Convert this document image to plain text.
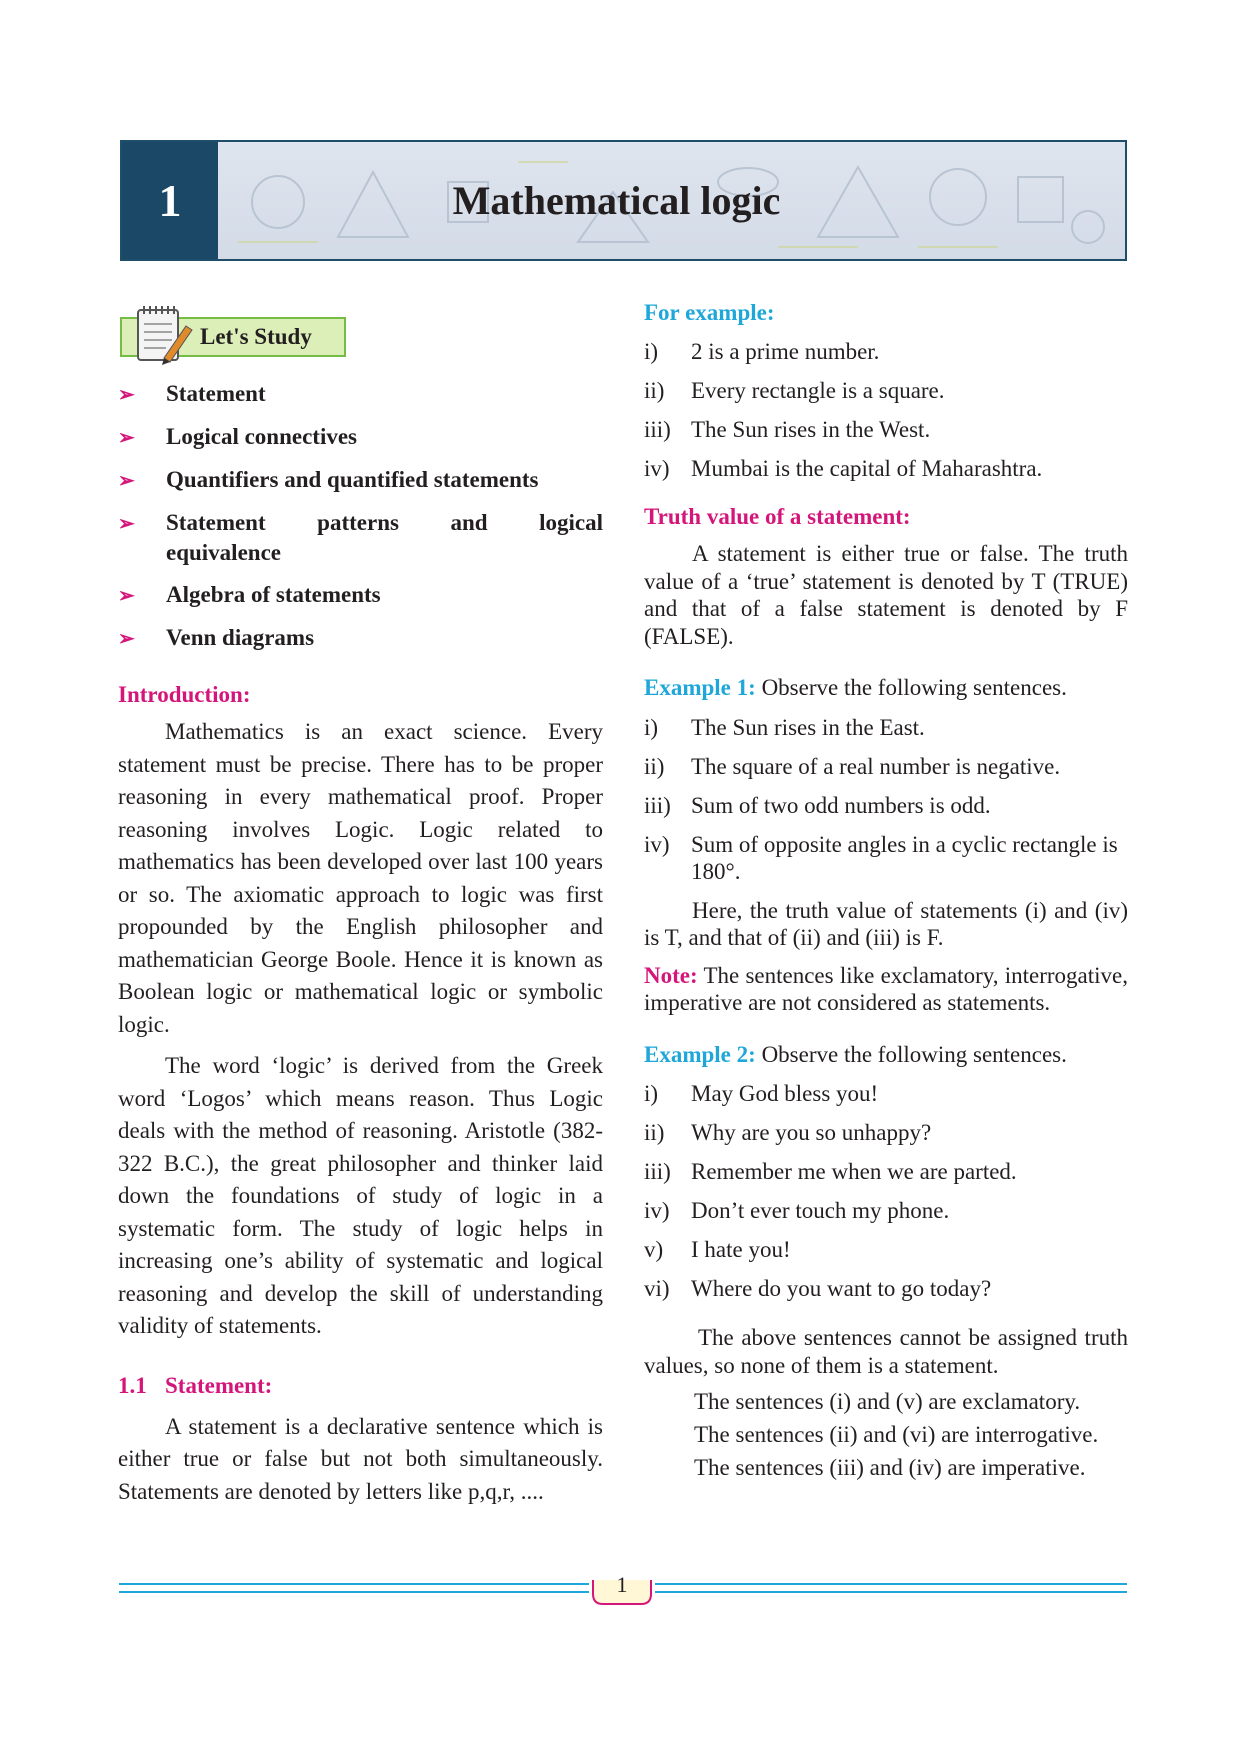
1	Mathematical logic
Let's Study
➢	Statement
➢	Logical connectives
➢	Quantifiers and quantified statements
➢	Statement patterns and logical equivalence
➢	Algebra of statements
➢	Venn diagrams
Introduction:

Mathematics is an exact science. Every statement must be precise. There has to be proper reasoning in every mathematical proof. Proper reasoning involves Logic. Logic related to mathematics has been developed over last 100 years or so. The axiomatic approach to logic was first propounded by the English philosopher and mathematician George Boole. Hence it is known as Boolean logic or mathematical logic or symbolic logic.

The word ‘logic’ is derived from the Greek word ‘Logos’ which means reason. Thus Logic deals with the method of reasoning. Aristotle (382-322 B.C.), the great philosopher and thinker laid down the foundations of study of logic in a systematic form. The study of logic helps in increasing one’s ability of systematic and logical reasoning and develop the skill of understanding validity of statements.

1.1 Statement:

A statement is a declarative sentence which is either true or false but not both simultaneously. Statements are denoted by letters like p,q,r, ....

For example:
i)	2 is a prime number.
ii)	Every rectangle is a square.
iii) The Sun rises in the West.
iv) Mumbai is the capital of Maharashtra.
Truth value of a statement:

A statement is either true or false. The truth value of a ‘true’ statement is denoted by T (TRUE) and that of a false statement is denoted by F (FALSE).

Example 1: Observe the following sentences.

i)	The Sun rises in the East.
ii)	The square of a real number is negative.
iii) Sum of two odd numbers is odd.
iv) Sum of opposite angles in a cyclic rectangle is 180°.

Here, the truth value of statements (i) and (iv) is T, and that of (ii) and (iii) is F.

Note: The sentences like exclamatory, interrogative, imperative are not considered as statements.

Example 2: Observe the following sentences.

i)	May God bless you!
ii)	Why are you so unhappy?
iii) Remember me when we are parted.
iv) Don’t ever touch my phone.
v)	I hate you!
vi) Where do you want to go today?

The above sentences cannot be assigned truth values, so none of them is a statement.

The sentences (i) and (v) are exclamatory.
The sentences (ii) and (vi) are interrogative.
The sentences (iii) and (iv) are imperative.
1
